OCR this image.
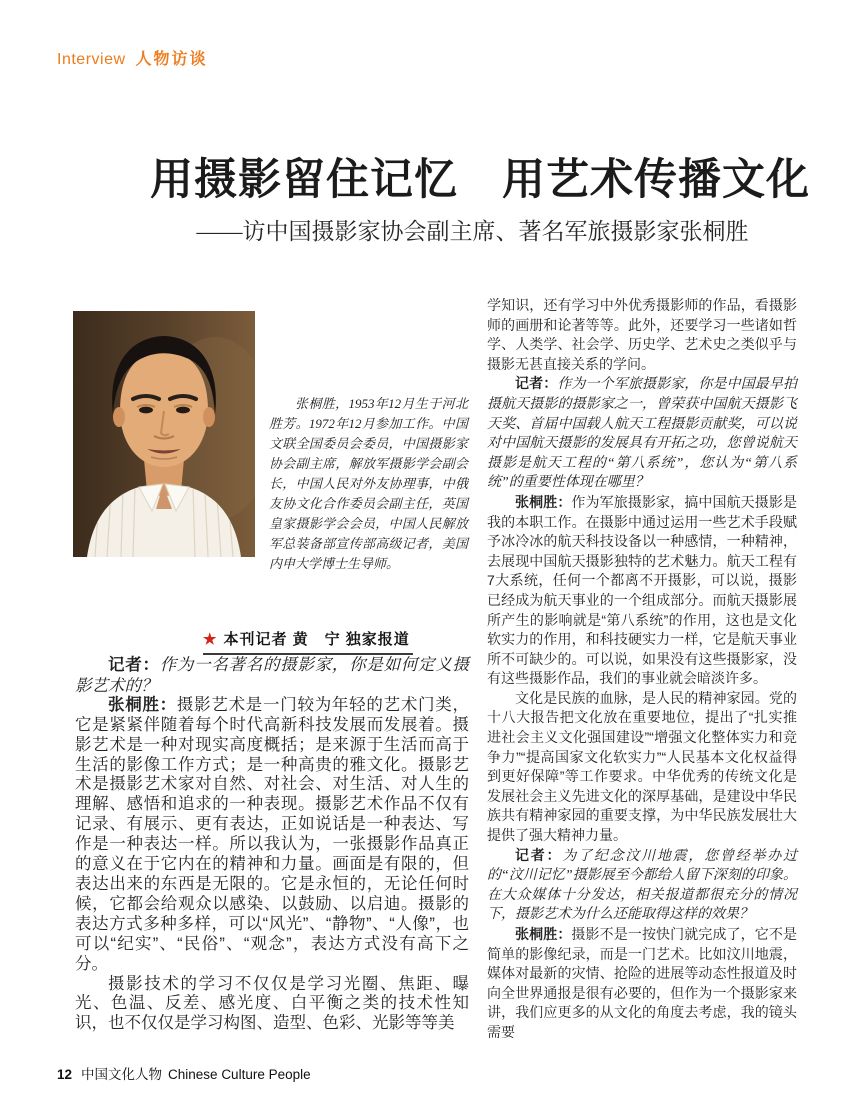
Interview 人物访谈
用摄影留住记忆　用艺术传播文化
——访中国摄影家协会副主席、著名军旅摄影家张桐胜

张桐胜，1953年12月生于河北胜芳。1972年12月参加工作。中国文联全国委员会委员，中国摄影家协会副主席，解放军摄影学会副会长，中国人民对外友协理事，中俄友协文化合作委员会副主任，英国皇家摄影学会会员，中国人民解放军总装备部宣传部高级记者，美国内申大学博士生导师。

★ 本刊记者 黄　宁 独家报道

记者：作为一名著名的摄影家，你是如何定义摄影艺术的？

张桐胜：摄影艺术是一门较为年轻的艺术门类，它是紧紧伴随着每个时代高新科技发展而发展着。摄影艺术是一种对现实高度概括；是来源于生活而高于生活的影像工作方式；是一种高贵的雅文化。摄影艺术是摄影艺术家对自然、对社会、对生活、对人生的理解、感悟和追求的一种表现。摄影艺术作品不仅有记录、有展示、更有表达，正如说话是一种表达、写作是一种表达一样。所以我认为，一张摄影作品真正的意义在于它内在的精神和力量。画面是有限的，但表达出来的东西是无限的。它是永恒的，无论任何时候，它都会给观众以感染、以鼓励、以启迪。摄影的表达方式多种多样，可以“风光”、“静物”、“人像”，也可以“纪实”、“民俗”、“观念”，表达方式没有高下之分。

摄影技术的学习不仅仅是学习光圈、焦距、曝光、色温、反差、感光度、白平衡之类的技术性知识，也不仅仅是学习构图、造型、色彩、光影等等美

学知识，还有学习中外优秀摄影师的作品，看摄影师的画册和论著等等。此外，还要学习一些诸如哲学、人类学、社会学、历史学、艺术史之类似乎与摄影无甚直接关系的学问。

记者：作为一个军旅摄影家，你是中国最早拍摄航天摄影的摄影家之一，曾荣获中国航天摄影飞天奖、首届中国载人航天工程摄影贡献奖，可以说对中国航天摄影的发展具有开拓之功，您曾说航天摄影是航天工程的“第八系统”，您认为“第八系统”的重要性体现在哪里？

张桐胜：作为军旅摄影家，搞中国航天摄影是我的本职工作。在摄影中通过运用一些艺术手段赋予冰冷冰的航天科技设备以一种感情，一种精神，去展现中国航天摄影独特的艺术魅力。航天工程有7大系统，任何一个都离不开摄影，可以说，摄影已经成为航天事业的一个组成部分。而航天摄影展所产生的影响就是“第八系统”的作用，这也是文化软实力的作用，和科技硬实力一样，它是航天事业所不可缺少的。可以说，如果没有这些摄影家，没有这些摄影作品，我们的事业就会暗淡许多。

文化是民族的血脉，是人民的精神家园。党的十八大报告把文化放在重要地位，提出了“扎实推进社会主义文化强国建设”“增强文化整体实力和竞争力”“提高国家文化软实力”“人民基本文化权益得到更好保障”等工作要求。中华优秀的传统文化是发展社会主义先进文化的深厚基础，是建设中华民族共有精神家园的重要支撑，为中华民族发展壮大提供了强大精神力量。

记者：为了纪念汶川地震，您曾经举办过的“汶川记忆”摄影展至今都给人留下深刻的印象。在大众媒体十分发达，相关报道都很充分的情况下，摄影艺术为什么还能取得这样的效果？

张桐胜：摄影不是一按快门就完成了，它不是简单的影像纪录，而是一门艺术。比如汶川地震，媒体对最新的灾情、抢险的进展等动态性报道及时向全世界通报是很有必要的，但作为一个摄影家来讲，我们应更多的从文化的角度去考虑，我的镜头需要

12 中国文化人物 Chinese Culture People
